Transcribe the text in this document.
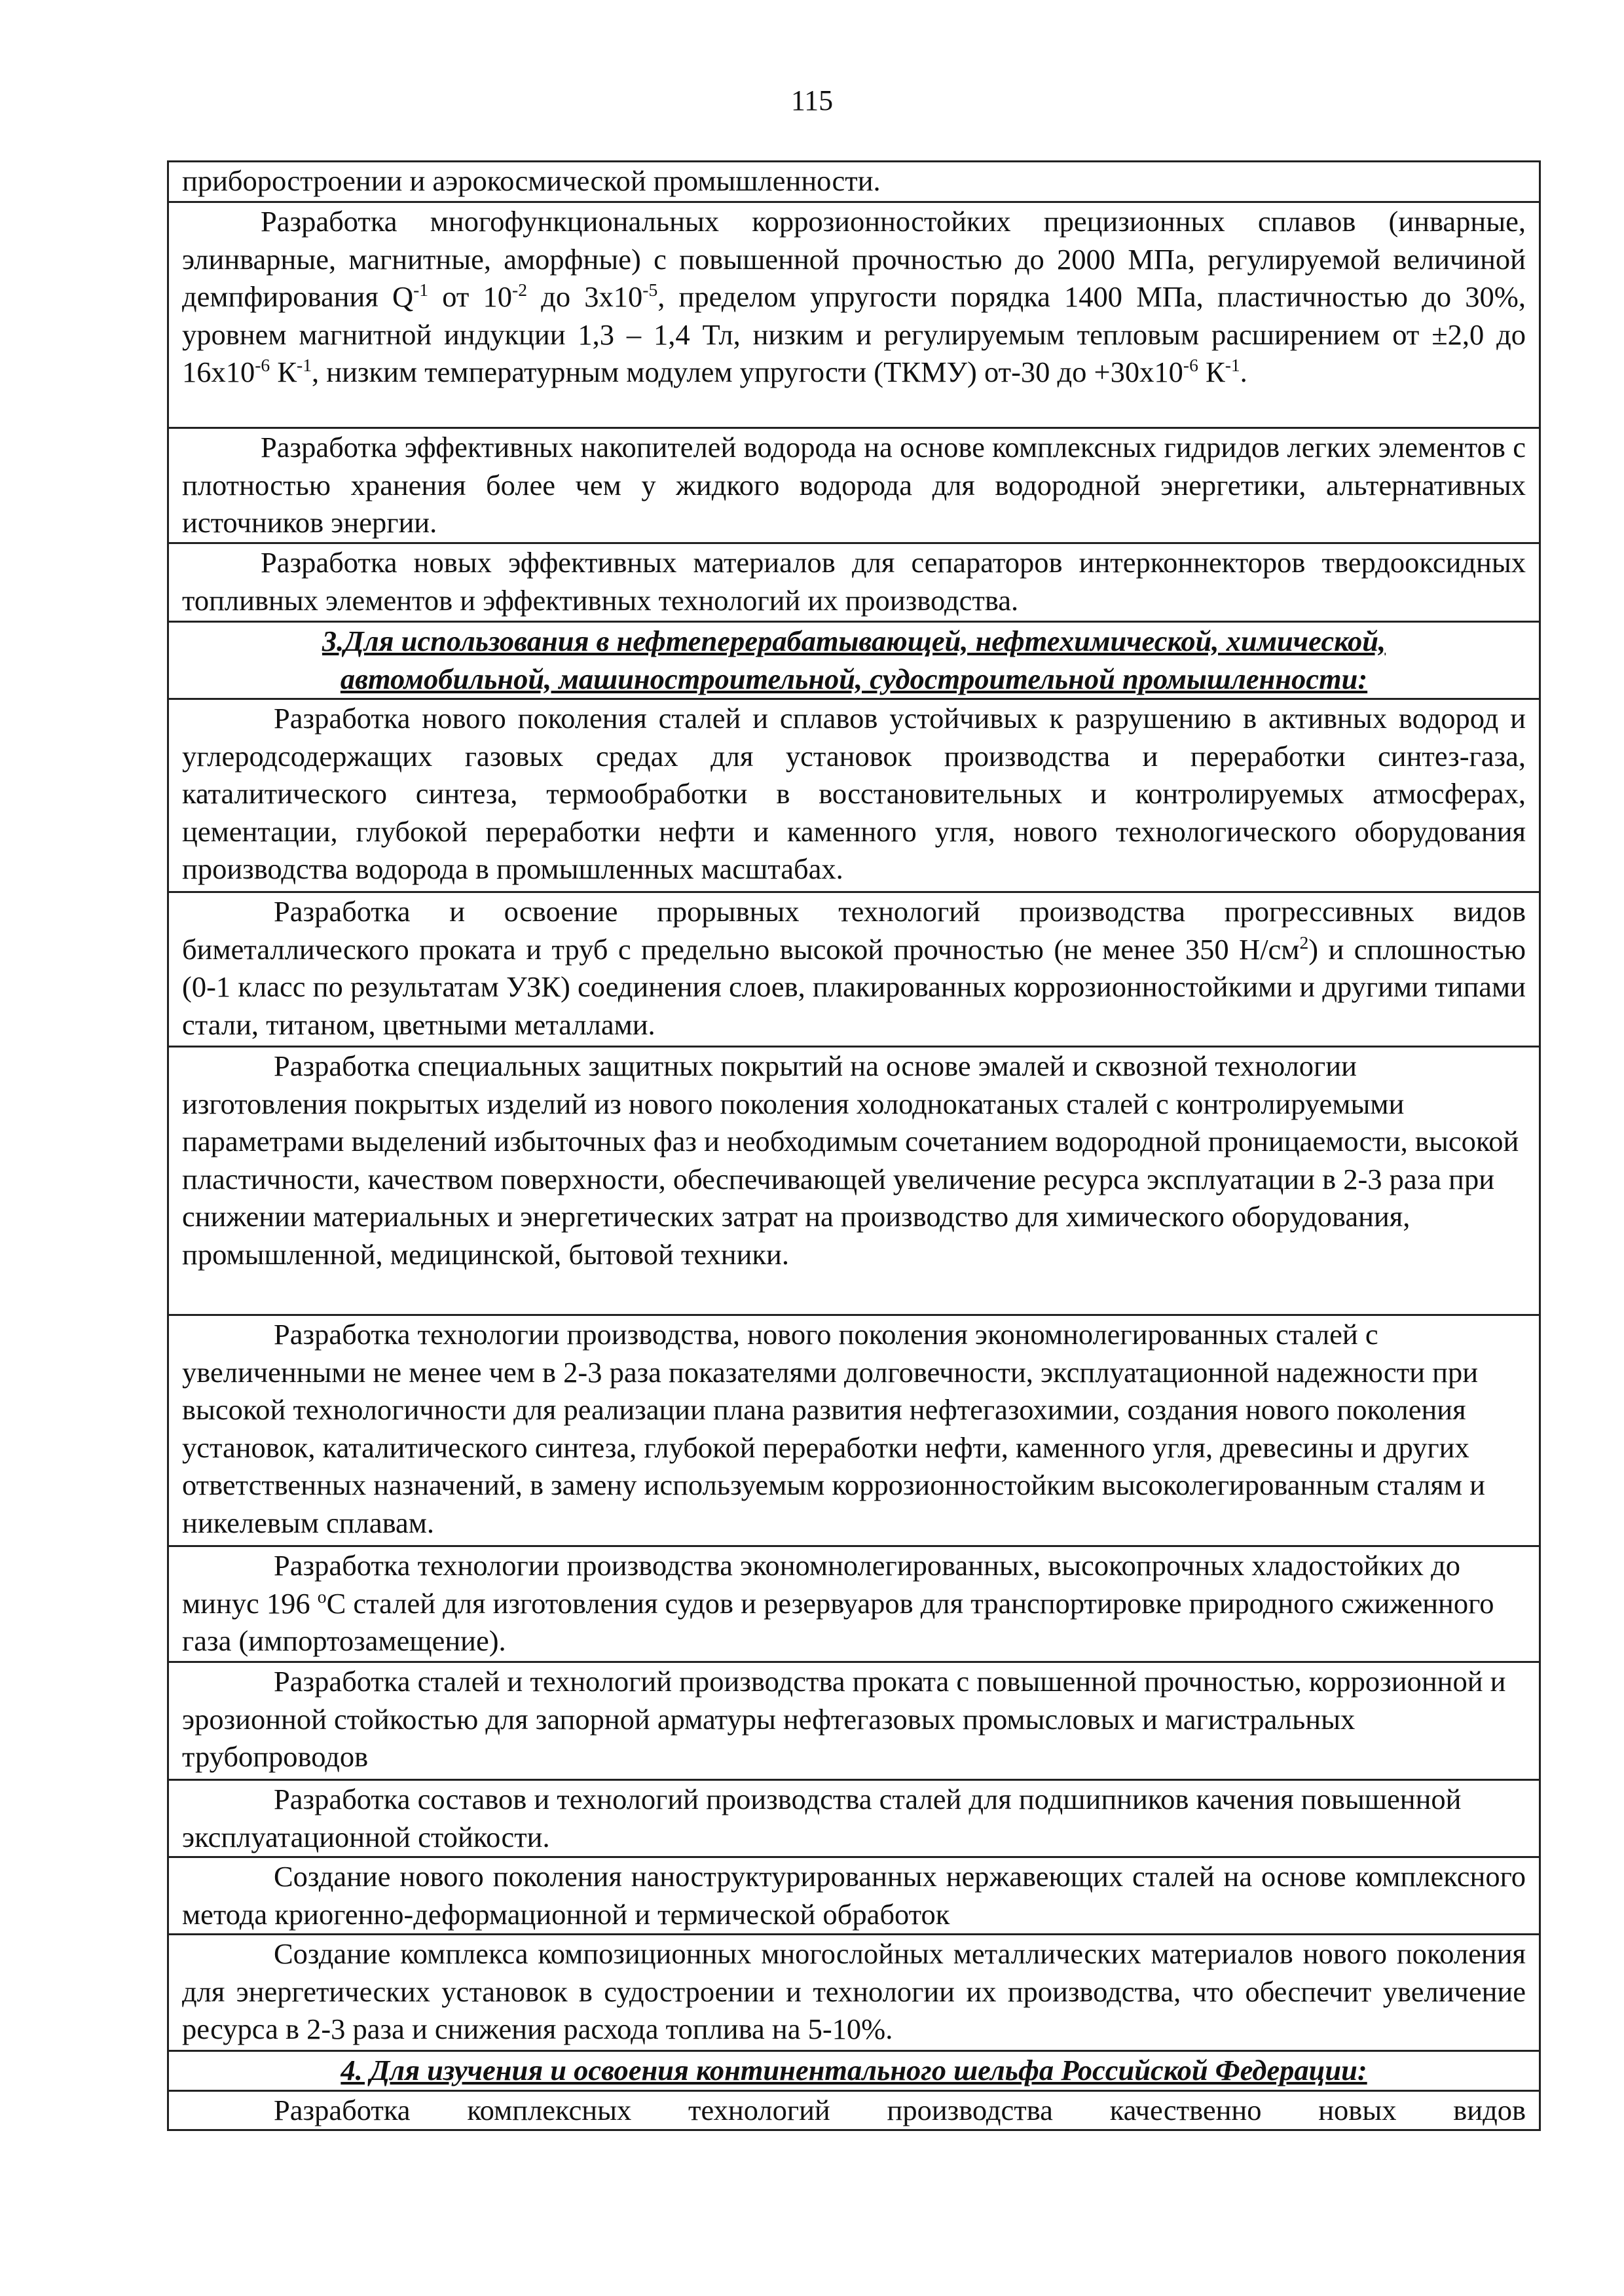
115
приборостроении и аэрокосмической промышленности.

Разработка многофункциональных коррозионностойких прецизионных сплавов (инварные, элинварные, магнитные, аморфные) с повышенной прочностью до 2000 МПа, регулируемой величиной демпфирования $Q^{-1}$ от $10^{-2}$ до $3x10^{-5}$, пределом упругости порядка 1400 МПа, пластичностью до 30%, уровнем магнитной индукции 1,3 – 1,4 Тл, низким и регулируемым тепловым расширением от ±2,0 до $16x10^{-6}$ $К^{-1}$, низким температурным модулем упругости (ТКМУ) от-30 до $+30x10^{-6}$ $К^{-1}$.

Разработка эффективных накопителей водорода на основе комплексных гидридов легких элементов с плотностью хранения более чем у жидкого водорода для водородной энергетики, альтернативных источников энергии.

Разработка новых эффективных материалов для сепараторов интерконнекторов твердооксидных топливных элементов и эффективных технологий их производства.

3.Для использования в нефтеперерабатывающей, нефтехимической, химической,
автомобильной, машиностроительной, судостроительной промышленности:

Разработка нового поколения сталей и сплавов устойчивых к разрушению в активных водород и углеродсодержащих газовых средах для установок производства и переработки синтез-газа, каталитического синтеза, термообработки в восстановительных и контролируемых атмосферах, цементации, глубокой переработки нефти и каменного угля, нового технологического оборудования производства водорода в промышленных масштабах.

Разработка и освоение прорывных технологий производства прогрессивных видов биметаллического проката и труб с предельно высокой прочностью (не менее 350 $Н/см^2$) и сплошностью (0-1 класс по результатам УЗК) соединения слоев, плакированных коррозионностойкими и другими типами стали, титаном, цветными металлами.

Разработка специальных защитных покрытий на основе эмалей и сквозной технологии изготовления покрытых изделий из нового поколения холоднокатаных сталей с контролируемыми параметрами выделений избыточных фаз и необходимым сочетанием водородной проницаемости, высокой пластичности, качеством поверхности, обеспечивающей увеличение ресурса эксплуатации в 2-3 раза при снижении материальных и энергетических затрат на производство для химического оборудования, промышленной, медицинской, бытовой техники.

Разработка технологии производства, нового поколения экономнолегированных сталей с увеличенными не менее чем в 2-3 раза показателями долговечности, эксплуатационной надежности при высокой технологичности для реализации плана развития нефтегазохимии, создания нового поколения установок, каталитического синтеза, глубокой переработки нефти, каменного угля, древесины и других ответственных назначений, в замену используемым коррозионностойким высоколегированным сталям и никелевым сплавам.

Разработка технологии производства экономнолегированных, высокопрочных хладостойких до минус 196 $^о$С сталей для изготовления судов и резервуаров для транспортировке природного сжиженного газа (импортозамещение).

Разработка сталей и технологий производства проката с повышенной прочностью, коррозионной и эрозионной стойкостью для запорной арматуры нефтегазовых промысловых и магистральных трубопроводов

Разработка составов и технологий производства сталей для подшипников качения повышенной эксплуатационной стойкости.

Создание нового поколения наноструктурированных нержавеющих сталей на основе комплексного метода криогенно-деформационной и термической обработок

Создание комплекса композиционных многослойных металлических материалов нового поколения для энергетических установок в судостроении и технологии их производства, что обеспечит увеличение ресурса в 2-3 раза и снижения расхода топлива на 5-10%.

4. Для изучения и освоения континентального шельфа Российской Федерации:

Разработка комплексных технологий производства качественно новых видов
